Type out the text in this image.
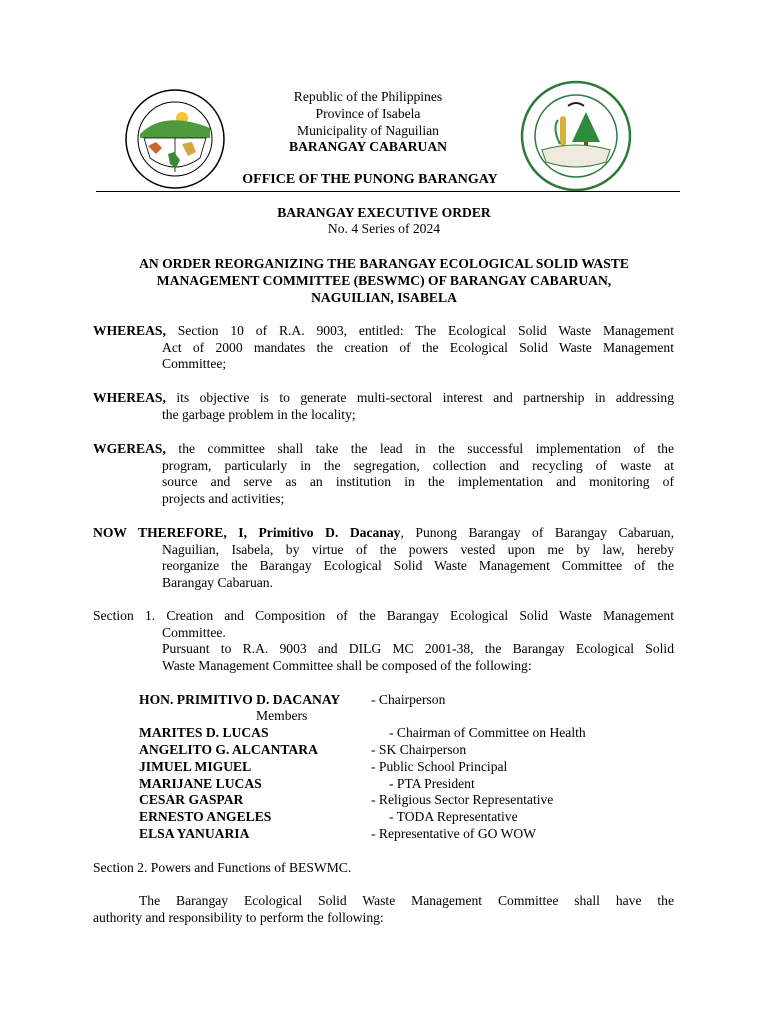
Republic of the Philippines
Province of Isabela
Municipality of Naguilian
BARANGAY CABARUAN
OFFICE OF THE PUNONG BARANGAY
BARANGAY EXECUTIVE ORDER
No. 4 Series of 2024
AN ORDER REORGANIZING THE BARANGAY ECOLOGICAL SOLID WASTE
MANAGEMENT COMMITTEE (BESWMC) OF BARANGAY CABARUAN,
NAGUILIAN, ISABELA
WHEREAS, Section 10 of R.A. 9003, entitled: The Ecological Solid Waste Management
Act of 2000 mandates the creation of the Ecological Solid Waste Management
Committee;
WHEREAS, its objective is to generate multi-sectoral interest and partnership in addressing
the garbage problem in the locality;
WGEREAS, the committee shall take the lead in the successful implementation of the
program, particularly in the segregation, collection and recycling of waste at
source and serve as an institution in the implementation and monitoring of
projects and activities;
NOW THEREFORE, I, Primitivo D. Dacanay, Punong Barangay of Barangay Cabaruan,
Naguilian, Isabela, by virtue of the powers vested upon me by law, hereby
reorganize the Barangay Ecological Solid Waste Management Committee of the
Barangay Cabaruan.
Section 1. Creation and Composition of the Barangay Ecological Solid Waste Management
Committee.
Pursuant to R.A. 9003 and DILG MC 2001-38, the Barangay Ecological Solid
Waste Management Committee shall be composed of the following:
HON. PRIMITIVO D. DACANAY - Chairperson
Members
MARITES D. LUCAS	- Chairman of Committee on Health
ANGELITO G. ALCANTARA	- SK Chairperson
JIMUEL MIGUEL	- Public School Principal
MARIJANE LUCAS	- PTA President
CESAR GASPAR	- Religious Sector Representative
ERNESTO ANGELES	- TODA Representative
ELSA YANUARIA	- Representative of GO WOW
Section 2. Powers and Functions of BESWMC.
The Barangay Ecological Solid Waste Management Committee shall have the
authority and responsibility to perform the following:
